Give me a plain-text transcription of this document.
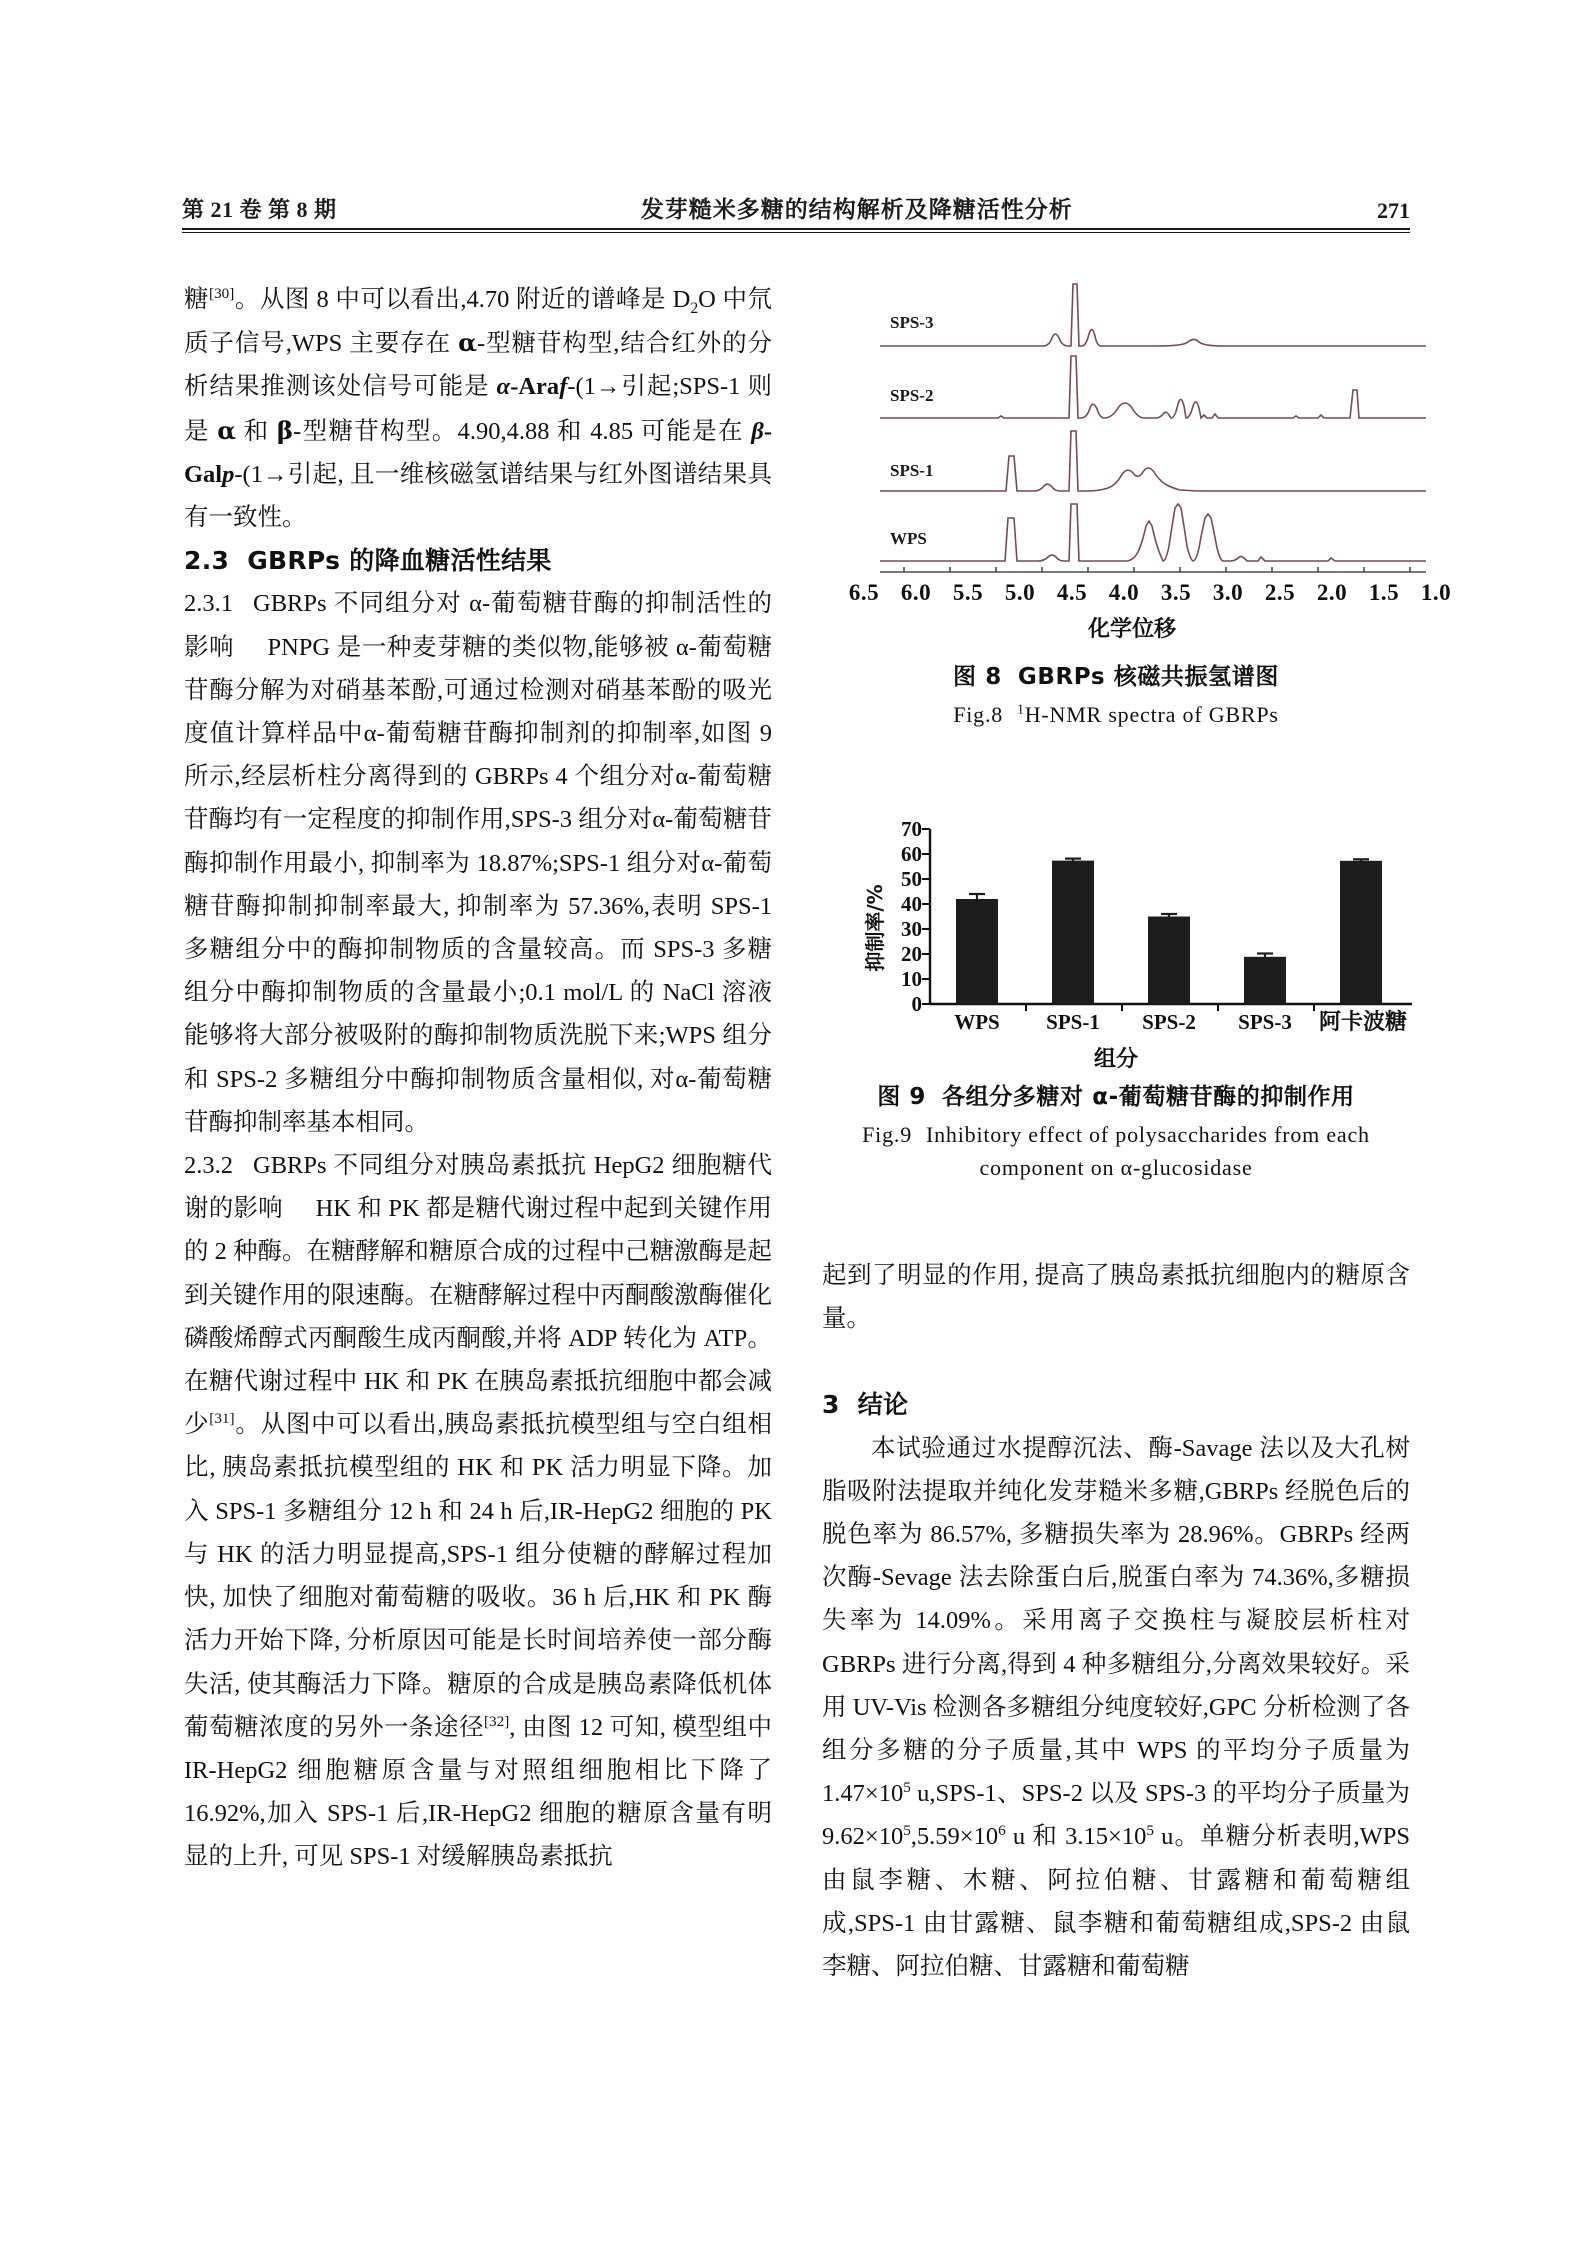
第 21 卷 第 8 期	发芽糙米多糖的结构解析及降糖活性分析	271

糖[30]。从图 8 中可以看出,4.70 附近的谱峰是 $D_2O$ 中氘质子信号,WPS 主要存在 α-型糖苷构型,结合红外的分析结果推测该处信号可能是 α-Araf-(1→引起;SPS-1 则是 α 和 β-型糖苷构型。4.90,4.88 和 4.85 可能是在 β-Galp-(1→引起, 且一维核磁氢谱结果与红外图谱结果具有一致性。

2.3 GBRPs 的降血糖活性结果

2.3.1 GBRPs 不同组分对 α-葡萄糖苷酶的抑制活性的影响 PNPG 是一种麦芽糖的类似物,能够被 α-葡萄糖苷酶分解为对硝基苯酚,可通过检测对硝基苯酚的吸光度值计算样品中α-葡萄糖苷酶抑制剂的抑制率,如图 9 所示,经层析柱分离得到的 GBRPs 4 个组分对α-葡萄糖苷酶均有一定程度的抑制作用,SPS-3 组分对α-葡萄糖苷酶抑制作用最小, 抑制率为 18.87%;SPS-1 组分对α-葡萄糖苷酶抑制抑制率最大, 抑制率为 57.36%,表明 SPS-1 多糖组分中的酶抑制物质的含量较高。而 SPS-3 多糖组分中酶抑制物质的含量最小;0.1 mol/L 的 NaCl 溶液能够将大部分被吸附的酶抑制物质洗脱下来;WPS 组分和 SPS-2 多糖组分中酶抑制物质含量相似, 对α-葡萄糖苷酶抑制率基本相同。

2.3.2 GBRPs 不同组分对胰岛素抵抗 HepG2 细胞糖代谢的影响 HK 和 PK 都是糖代谢过程中起到关键作用的 2 种酶。在糖酵解和糖原合成的过程中己糖激酶是起到关键作用的限速酶。在糖酵解过程中丙酮酸激酶催化磷酸烯醇式丙酮酸生成丙酮酸,并将 ADP 转化为 ATP。在糖代谢过程中 HK 和 PK 在胰岛素抵抗细胞中都会减少[31]。从图中可以看出,胰岛素抵抗模型组与空白组相比, 胰岛素抵抗模型组的 HK 和 PK 活力明显下降。加入 SPS-1 多糖组分 12 h 和 24 h 后,IR-HepG2 细胞的 PK 与 HK 的活力明显提高,SPS-1 组分使糖的酵解过程加快, 加快了细胞对葡萄糖的吸收。36 h 后,HK 和 PK 酶活力开始下降, 分析原因可能是长时间培养使一部分酶失活, 使其酶活力下降。糖原的合成是胰岛素降低机体葡萄糖浓度的另外一条途径[32], 由图 12 可知, 模型组中 IR-HepG2 细胞糖原含量与对照组细胞相比下降了 16.92%,加入 SPS-1 后,IR-HepG2 细胞的糖原含量有明显的上升, 可见 SPS-1 对缓解胰岛素抵抗

SPS-3
SPS-2
SPS-1
WPS
6.5 6.0 5.5 5.0 4.5 4.0 3.5 3.0 2.5 2.0 1.5 1.0
化学位移
图 8 GBRPs 核磁共振氢谱图
Fig.8 $^1$H-NMR spectra of GBRPs
抑制率/%
70
60
50
40
30
20
10
0
WPS SPS-1 SPS-2 SPS-3 阿卡波糖
组分
图 9 各组分多糖对 α-葡萄糖苷酶的抑制作用
Fig.9 Inhibitory effect of polysaccharides from each
component on α-glucosidase

起到了明显的作用, 提高了胰岛素抵抗细胞内的糖原含量。

3 结论

本试验通过水提醇沉法、酶-Savage 法以及大孔树脂吸附法提取并纯化发芽糙米多糖,GBRPs 经脱色后的脱色率为 86.57%, 多糖损失率为 28.96%。GBRPs 经两次酶-Sevage 法去除蛋白后,脱蛋白率为 74.36%,多糖损失率为 14.09%。采用离子交换柱与凝胶层析柱对 GBRPs 进行分离,得到 4 种多糖组分,分离效果较好。采用 UV-Vis 检测各多糖组分纯度较好,GPC 分析检测了各组分多糖的分子质量,其中 WPS 的平均分子质量为 $1.47\times 10^5$ u,SPS-1、SPS-2 以及 SPS-3 的平均分子质量为 $9.62\times 10^5,5.59\times 10^6$ u 和 $3.15\times 10^5$ u。单糖分析表明,WPS 由鼠李糖、木糖、阿拉伯糖、甘露糖和葡萄糖组成,SPS-1 由甘露糖、鼠李糖和葡萄糖组成,SPS-2 由鼠李糖、阿拉伯糖、甘露糖和葡萄糖
